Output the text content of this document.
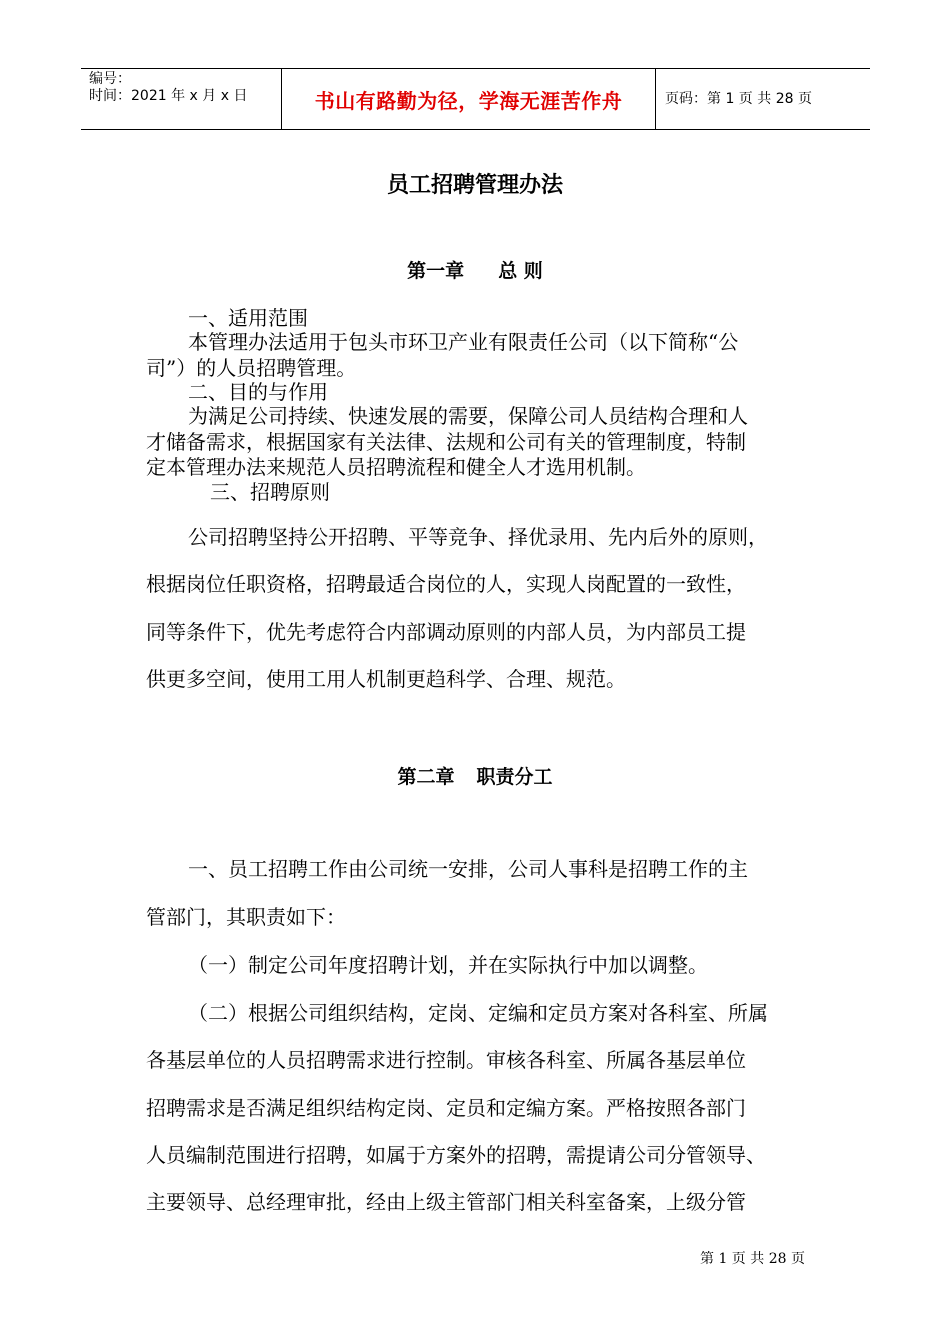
编号：
时间：2021 年 x 月 x 日	书山有路勤为径，学海无涯苦作舟	页码：第 1 页 共 28 页
员工招聘管理办法
第一章 总 则
一、适用范围
本管理办法适用于包头市环卫产业有限责任公司（以下简称“公
司”）的人员招聘管理。
二、目的与作用
为满足公司持续、快速发展的需要，保障公司人员结构合理和人
才储备需求，根据国家有关法律、法规和公司有关的管理制度，特制
定本管理办法来规范人员招聘流程和健全人才选用机制。
三、招聘原则
公司招聘坚持公开招聘、平等竞争、择优录用、先内后外的原则，
根据岗位任职资格，招聘最适合岗位的人，实现人岗配置的一致性，
同等条件下，优先考虑符合内部调动原则的内部人员，为内部员工提
供更多空间，使用工用人机制更趋科学、合理、规范。
第二章 职责分工
一、员工招聘工作由公司统一安排，公司人事科是招聘工作的主
管部门，其职责如下：
（一）制定公司年度招聘计划，并在实际执行中加以调整。
（二）根据公司组织结构，定岗、定编和定员方案对各科室、所属
各基层单位的人员招聘需求进行控制。审核各科室、所属各基层单位
招聘需求是否满足组织结构定岗、定员和定编方案。严格按照各部门
人员编制范围进行招聘，如属于方案外的招聘，需提请公司分管领导、
主要领导、总经理审批，经由上级主管部门相关科室备案，上级分管
第 1 页 共 28 页
